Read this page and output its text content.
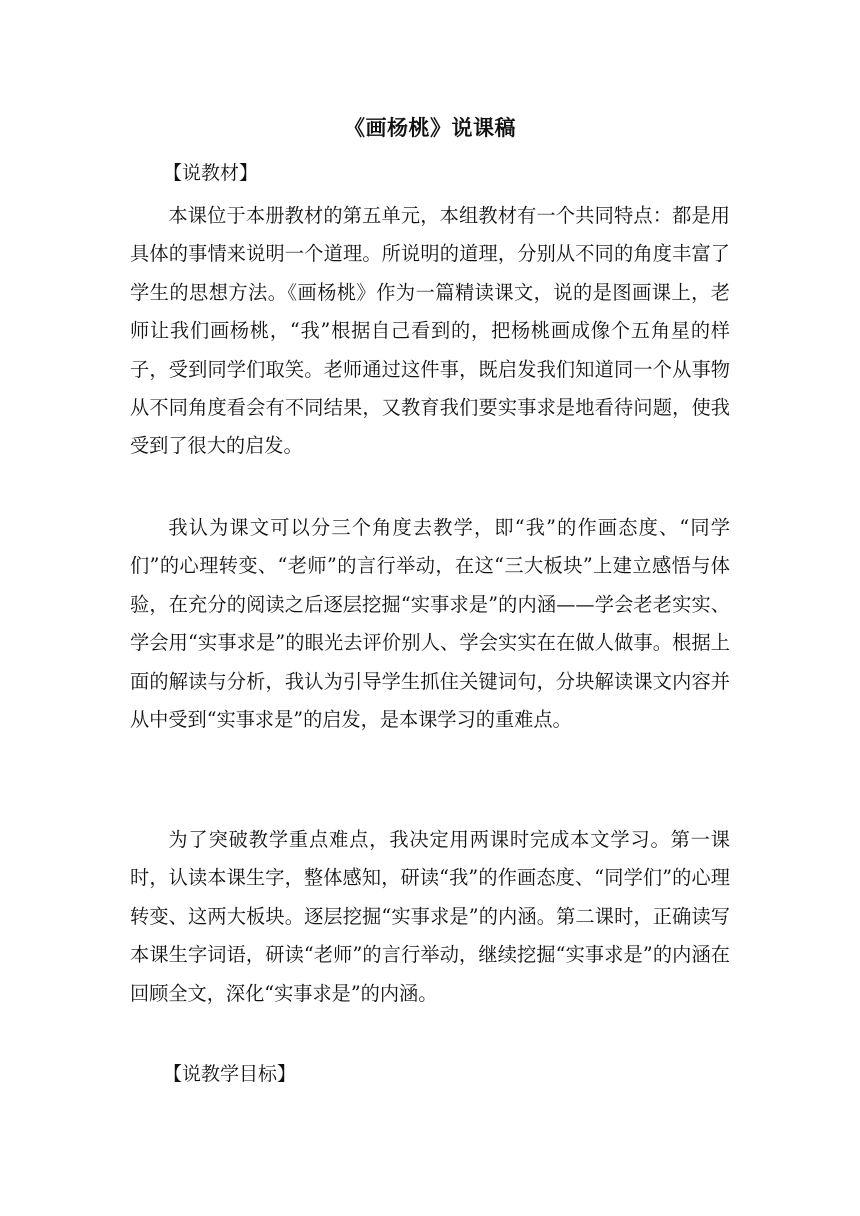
《画杨桃》说课稿
【说教材】

本课位于本册教材的第五单元，本组教材有一个共同特点：都是用具体的事情来说明一个道理。所说明的道理，分别从不同的角度丰富了学生的思想方法。《画杨桃》作为一篇精读课文，说的是图画课上，老师让我们画杨桃，“我”根据自己看到的，把杨桃画成像个五角星的样子，受到同学们取笑。老师通过这件事，既启发我们知道同一个从事物从不同角度看会有不同结果，又教育我们要实事求是地看待问题，使我受到了很大的启发。

我认为课文可以分三个角度去教学，即“我”的作画态度、“同学们”的心理转变、“老师”的言行举动，在这“三大板块”上建立感悟与体验，在充分的阅读之后逐层挖掘“实事求是”的内涵——学会老老实实、学会用“实事求是”的眼光去评价别人、学会实实在在做人做事。根据上面的解读与分析，我认为引导学生抓住关键词句，分块解读课文内容并从中受到“实事求是”的启发，是本课学习的重难点。

为了突破教学重点难点，我决定用两课时完成本文学习。第一课时，认读本课生字，整体感知，研读“我”的作画态度、“同学们”的心理转变、这两大板块。逐层挖掘“实事求是”的内涵。第二课时，正确读写本课生字词语，研读“老师”的言行举动，继续挖掘“实事求是”的内涵在回顾全文，深化“实事求是”的内涵。

【说教学目标】
